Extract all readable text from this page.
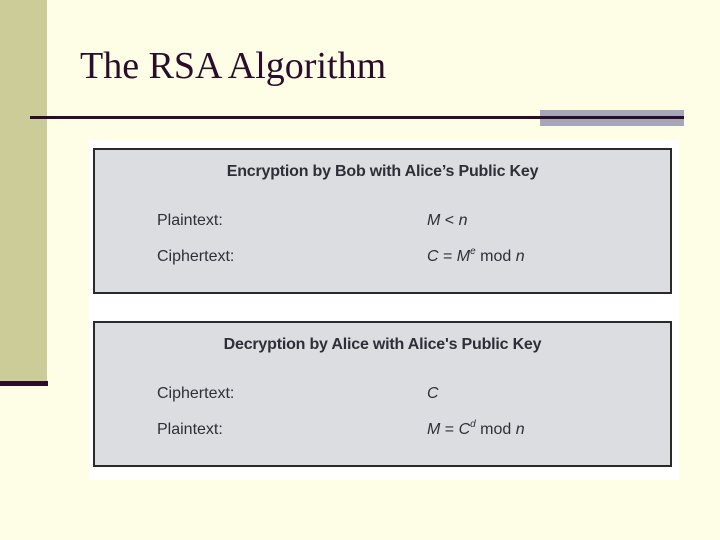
The RSA Algorithm
Encryption by Bob with Alice’s Public Key
Plaintext:	M < n
Ciphertext:	$C = M^e$ mod n
Decryption by Alice with Alice's Public Key
Ciphertext:	C
Plaintext:	$M = C^d$ mod n
